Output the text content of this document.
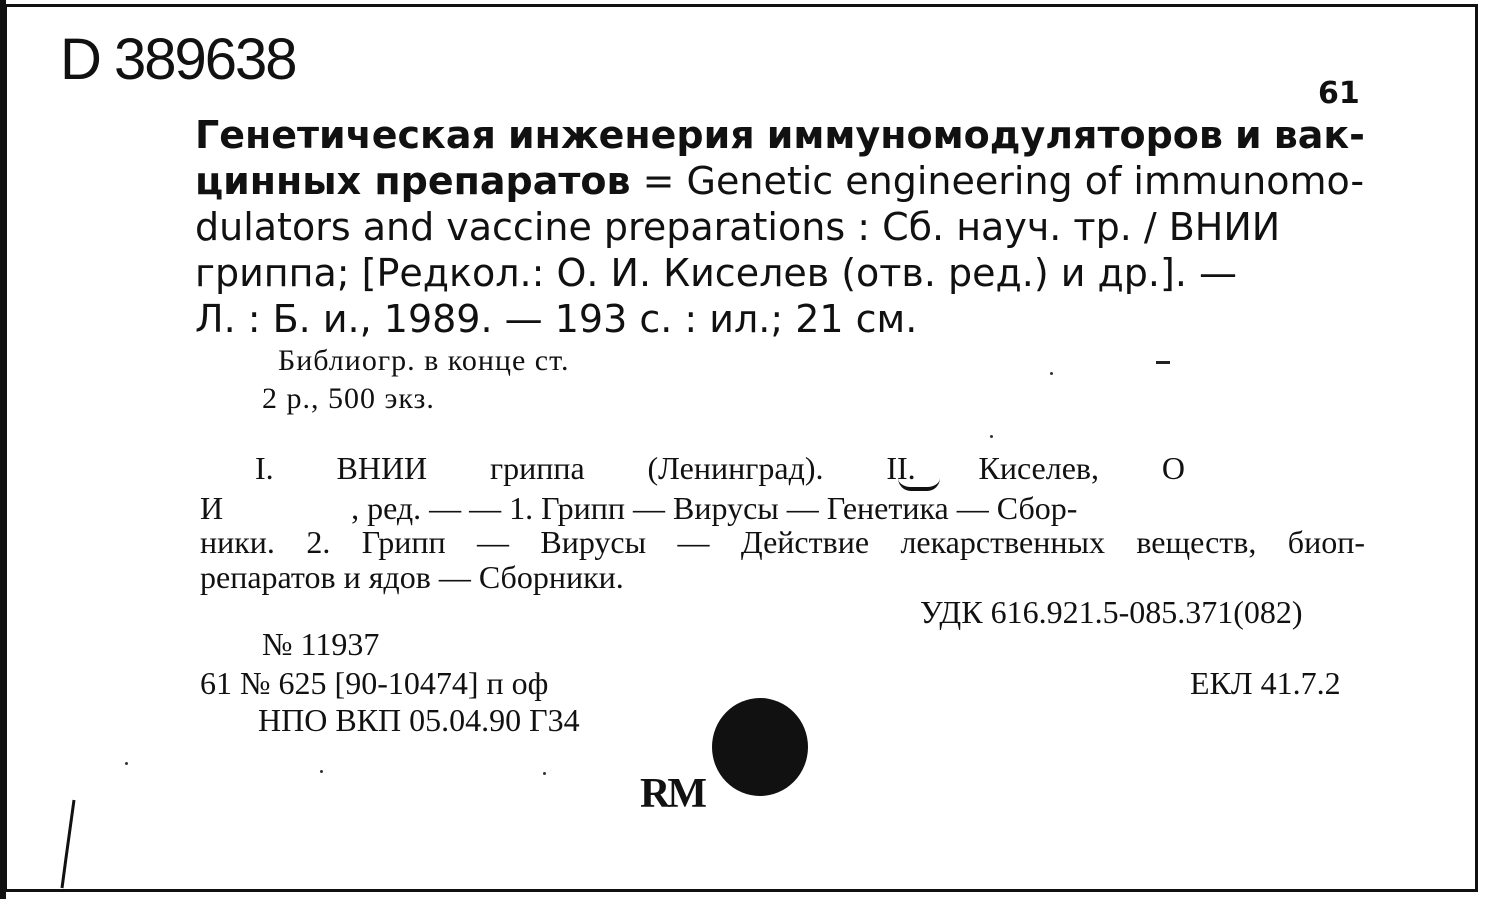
D 389638
61
Генетическая инженерия иммуномодуляторов и вак-
цинных препаратов = Genetic engineering of immunomo-
dulators and vaccine preparations : Сб. науч. тр. / ВНИИ
гриппа; [Редкол.: О. И. Киселев (отв. ред.) и др.]. —
Л. : Б. и., 1989. — 193 с. : ил.; 21 см.
Библиогр. в конце ст.
2 р., 500 экз.
I. ВНИИ гриппа (Ленинград). II. Киселев, О
И                , ред. — — 1. Грипп — Вирусы — Генетика — Сбор-
ники. 2. Грипп — Вирусы — Действие лекарственных веществ, биоп-
репаратов и ядов — Сборники.
УДК 616.921.5-085.371(082)
№ 11937
61 № 625 [90-10474] п оф	ЕКЛ 41.7.2
НПО ВКП 05.04.90 Г34
RM
